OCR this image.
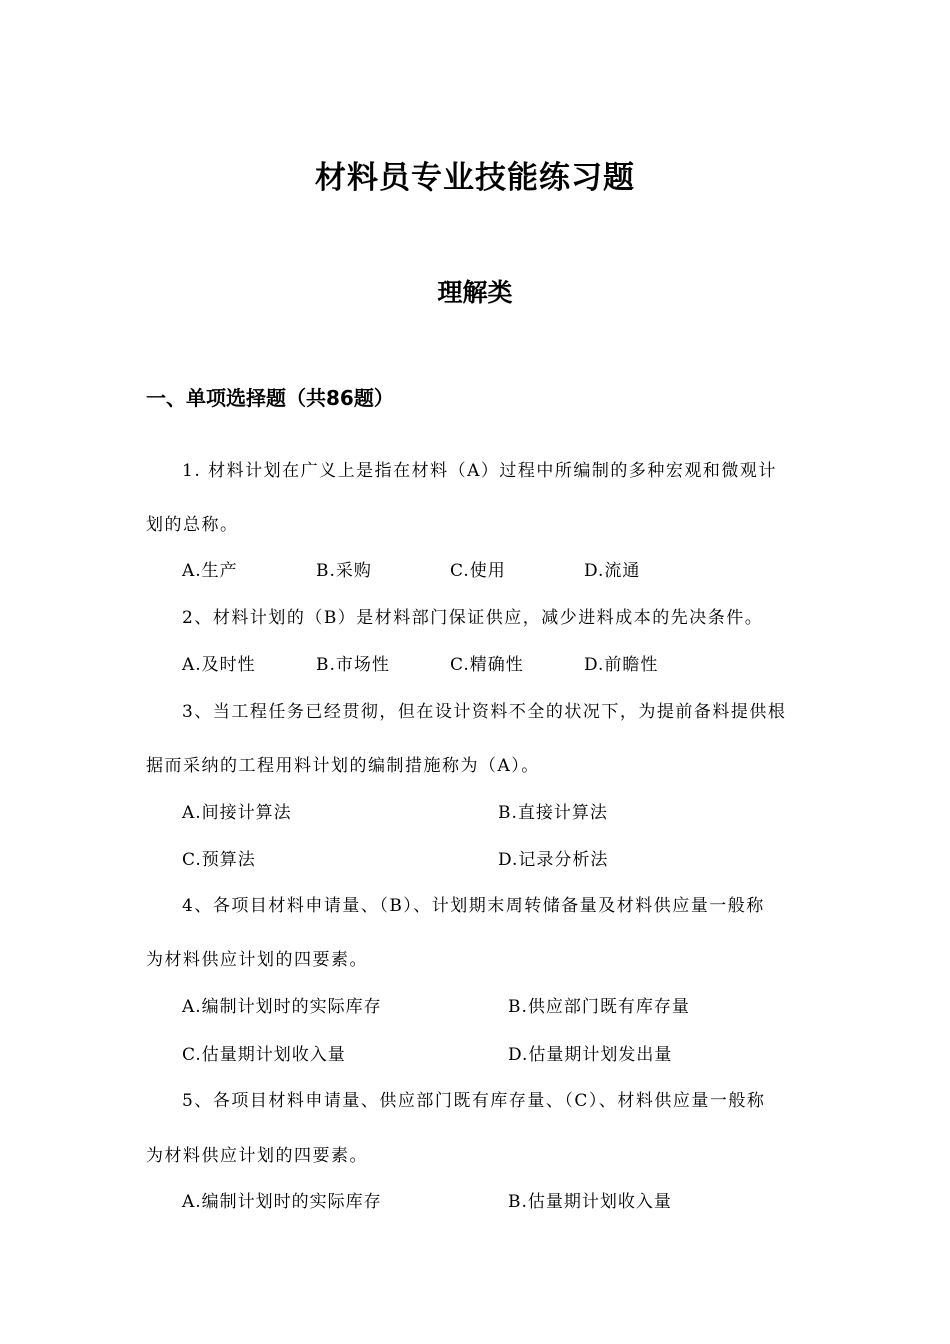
材料员专业技能练习题
理解类
一、单项选择题（共86题）
1. 材料计划在广义上是指在材料（A）过程中所编制的多种宏观和微观计
划的总称。
A.生产	B.采购	C.使用	D.流通
2、材料计划的（B）是材料部门保证供应，减少进料成本的先决条件。
A.及时性	B.市场性	C.精确性	D.前瞻性
3、当工程任务已经贯彻，但在设计资料不全的状况下，为提前备料提供根
据而采纳的工程用料计划的编制措施称为（A）。
A.间接计算法	B.直接计算法
C.预算法	D.记录分析法
4、各项目材料申请量、（B）、计划期末周转储备量及材料供应量一般称
为材料供应计划的四要素。
A.编制计划时的实际库存	B.供应部门既有库存量
C.估量期计划收入量	D.估量期计划发出量
5、各项目材料申请量、供应部门既有库存量、（C）、材料供应量一般称
为材料供应计划的四要素。
A.编制计划时的实际库存	B.估量期计划收入量
